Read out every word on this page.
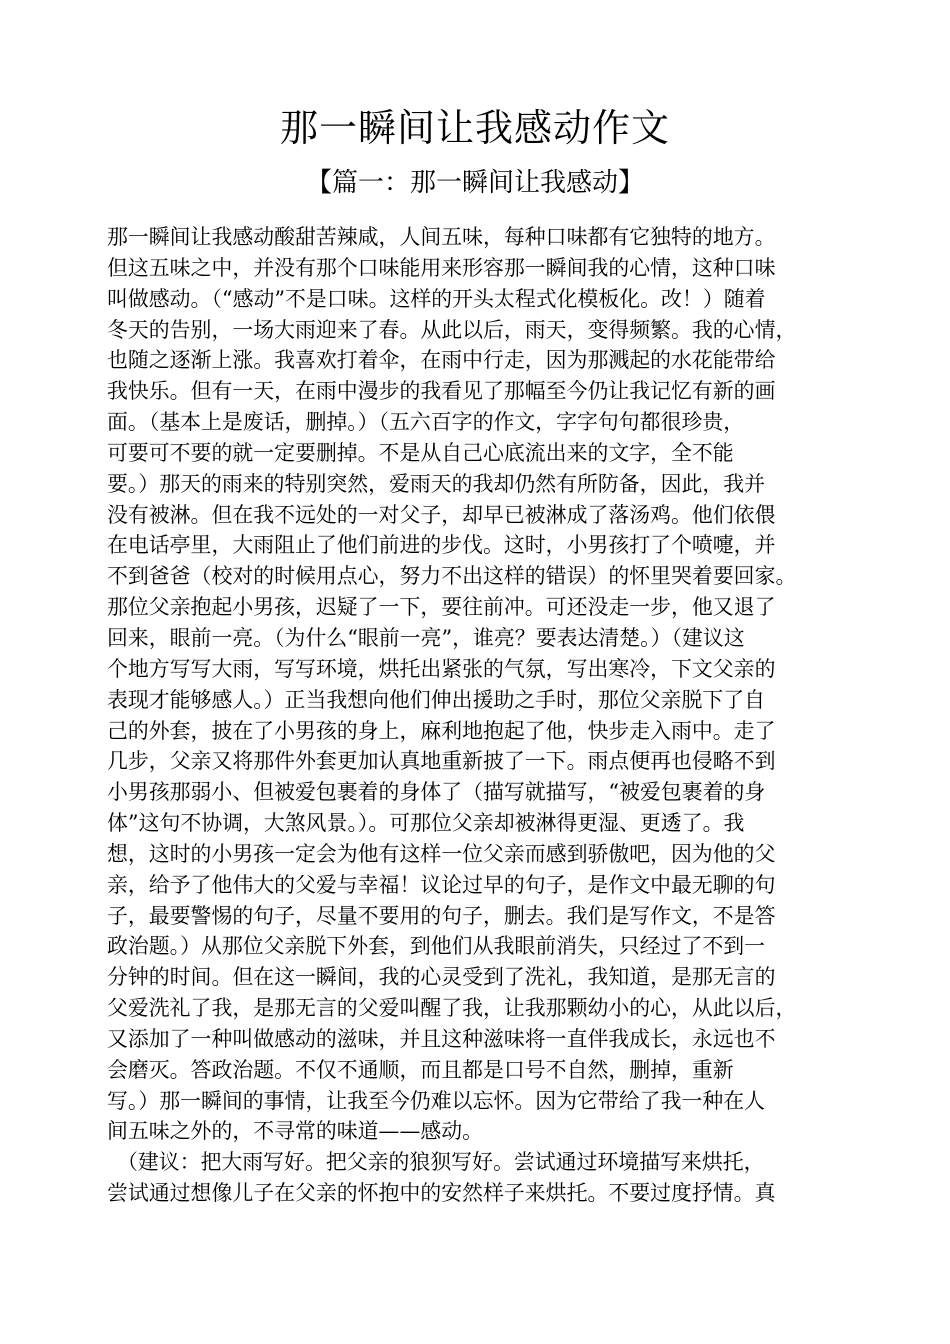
那一瞬间让我感动作文
【篇一：那一瞬间让我感动】
那一瞬间让我感动酸甜苦辣咸，人间五味，每种口味都有它独特的地方。
但这五味之中，并没有那个口味能用来形容那一瞬间我的心情，这种口味
叫做感动。（“感动”不是口味。这样的开头太程式化模板化。改！）随着
冬天的告别，一场大雨迎来了春。从此以后，雨天，变得频繁。我的心情，
也随之逐渐上涨。我喜欢打着伞，在雨中行走，因为那溅起的水花能带给
我快乐。但有一天，在雨中漫步的我看见了那幅至今仍让我记忆有新的画
面。（基本上是废话，删掉。）（五六百字的作文，字字句句都很珍贵，
可要可不要的就一定要删掉。不是从自己心底流出来的文字，全不能
要。）那天的雨来的特别突然，爱雨天的我却仍然有所防备，因此，我并
没有被淋。但在我不远处的一对父子，却早已被淋成了落汤鸡。他们依偎
在电话亭里，大雨阻止了他们前进的步伐。这时，小男孩打了个喷嚏，并
不到爸爸（校对的时候用点心，努力不出这样的错误）的怀里哭着要回家。
那位父亲抱起小男孩，迟疑了一下，要往前冲。可还没走一步，他又退了
回来，眼前一亮。（为什么“眼前一亮”，谁亮？要表达清楚。）（建议这
个地方写写大雨，写写环境，烘托出紧张的气氛，写出寒冷，下文父亲的
表现才能够感人。）正当我想向他们伸出援助之手时，那位父亲脱下了自
己的外套，披在了小男孩的身上，麻利地抱起了他，快步走入雨中。走了
几步，父亲又将那件外套更加认真地重新披了一下。雨点便再也侵略不到
小男孩那弱小、但被爱包裹着的身体了（描写就描写，“被爱包裹着的身
体”这句不协调，大煞风景。）。可那位父亲却被淋得更湿、更透了。我
想，这时的小男孩一定会为他有这样一位父亲而感到骄傲吧，因为他的父
亲，给予了他伟大的父爱与幸福！议论过早的句子，是作文中最无聊的句
子，最要警惕的句子，尽量不要用的句子，删去。我们是写作文，不是答
政治题。）从那位父亲脱下外套，到他们从我眼前消失，只经过了不到一
分钟的时间。但在这一瞬间，我的心灵受到了洗礼，我知道，是那无言的
父爱洗礼了我，是那无言的父爱叫醒了我，让我那颗幼小的心，从此以后，
又添加了一种叫做感动的滋味，并且这种滋味将一直伴我成长，永远也不
会磨灭。答政治题。不仅不通顺，而且都是口号不自然，删掉，重新
写。）那一瞬间的事情，让我至今仍难以忘怀。因为它带给了我一种在人
间五味之外的，不寻常的味道——感动。
（建议：把大雨写好。把父亲的狼狈写好。尝试通过环境描写来烘托，
尝试通过想像儿子在父亲的怀抱中的安然样子来烘托。不要过度抒情。真
